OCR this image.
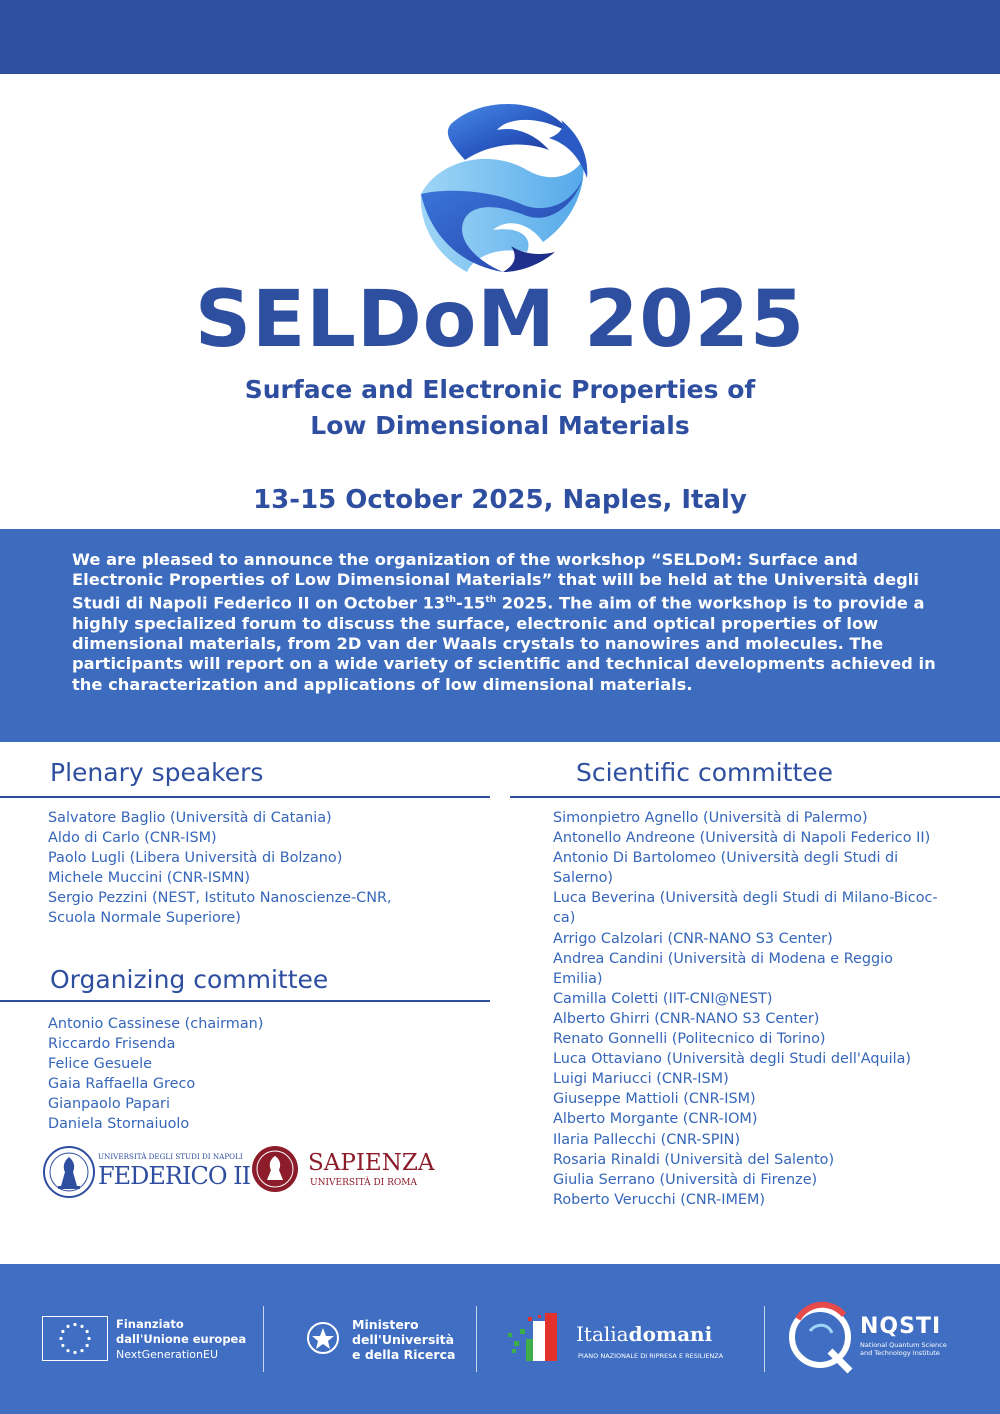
SELDoM 2025
Surface and Electronic Properties of
Low Dimensional Materials
13-15 October 2025, Naples, Italy
We are pleased to announce the organization of the workshop “SELDoM: Surface and Electronic Properties of Low Dimensional Materials” that will be held at the Università degli Studi di Napoli Federico II on October 13th-15th 2025. The aim of the workshop is to provide a highly specialized forum to discuss the surface, electronic and optical properties of low dimensional materials, from 2D van der Waals crystals to nanowires and molecules. The participants will report on a wide variety of scientific and technical developments achieved in the characterization and applications of low dimensional materials.
Plenary speakers
Salvatore Baglio (Università di Catania)
Aldo di Carlo (CNR-ISM)
Paolo Lugli (Libera Università di Bolzano)
Michele Muccini (CNR-ISMN)
Sergio Pezzini (NEST, Istituto Nanoscienze-CNR,
Scuola Normale Superiore)
Organizing committee
Antonio Cassinese (chairman)
Riccardo Frisenda
Felice Gesuele
Gaia Raffaella Greco
Gianpaolo Papari
Daniela Stornaiuolo
Scientific committee
Simonpietro Agnello (Università di Palermo)
Antonello Andreone (Università di Napoli Federico II)
Antonio Di Bartolomeo (Università degli Studi di
Salerno)
Luca Beverina (Università degli Studi di Milano-Bicoc-
ca)
Arrigo Calzolari (CNR-NANO S3 Center)
Andrea Candini (Università di Modena e Reggio
Emilia)
Camilla Coletti (IIT-CNI@NEST)
Alberto Ghirri (CNR-NANO S3 Center)
Renato Gonnelli (Politecnico di Torino)
Luca Ottaviano (Università degli Studi dell'Aquila)
Luigi Mariucci (CNR-ISM)
Giuseppe Mattioli (CNR-ISM)
Alberto Morgante (CNR-IOM)
Ilaria Pallecchi (CNR-SPIN)
Rosaria Rinaldi (Università del Salento)
Giulia Serrano (Università di Firenze)
Roberto Verucchi (CNR-IMEM)
UNIVERSITÀ DEGLI STUDI DI NAPOLI
FEDERICO II	SAPIENZA
UNIVERSITÀ DI ROMA
Finanziato
dall'Unione europea
NextGenerationEU
Ministero
dell'Università
e della Ricerca
Italiadomani
PIANO NAZIONALE DI RIPRESA E RESILIENZA
NQSTI
National Quantum Science
and Technology Institute
